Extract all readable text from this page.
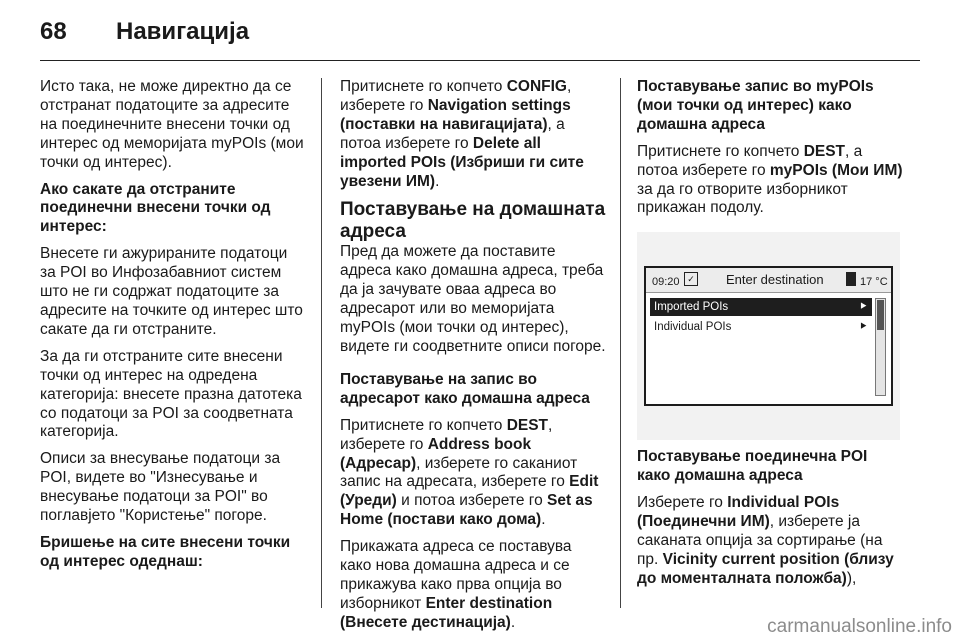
68 Навигација

Исто така, не може директно да се отстранат податоците за адресите на поединечните внесени точки од интерес од меморијата myPOIs (мои точки од интерес).

Ако сакате да отстраните поединечни внесени точки од интерес:

Внесете ги ажурираните податоци за POI во Инфозабавниот систем што не ги содржат податоците за адресите на точките од интерес што сакате да ги отстраните.

За да ги отстраните сите внесени точки од интерес на одредена категорија: внесете празна датотека со податоци за POI за соодветната категорија.

Описи за внесување податоци за POI, видете во "Изнесување и внесување податоци за POI" во поглавјето "Користење" погоре.

Бришење на сите внесени точки од интерес одеднаш:

Притиснете го копчето CONFIG, изберете го Navigation settings (поставки на навигацијата), а потоа изберете го Delete all imported POIs (Избриши ги сите увезени ИМ).

Поставување на домашната адреса

Пред да можете да поставите адреса како домашна адреса, треба да ја зачувате оваа адреса во адресарот или во меморијата myPOIs (мои точки од интерес), видете ги соодветните описи погоре.

Поставување на запис во адресарот како домашна адреса

Притиснете го копчето DEST, изберете го Address book (Адресар), изберете го саканиот запис на адресата, изберете го Edit (Уреди) и потоа изберете го Set as Home (постави како дома).

Прикажата адреса се поставува како нова домашна адреса и се прикажува како прва опција во изборникот Enter destination (Внесете дестинација).

Поставување запис во myPOIs (мои точки од интерес) како домашна адреса

Притиснете го копчето DEST, а потоа изберете го myPOIs (Мои ИМ) за да го отворите изборникот прикажан подолу.

09:20 ✓ Enter destination	17 °C
Imported POIs	⯈
Individual POIs	⯈

Поставување поединечна POI како домашна адреса

Изберете го Individual POIs (Поединечни ИМ), изберете ја саканата опција за сортирање (на пр. Vicinity current position (близу до моменталната положба)),

carmanualsonline.info
